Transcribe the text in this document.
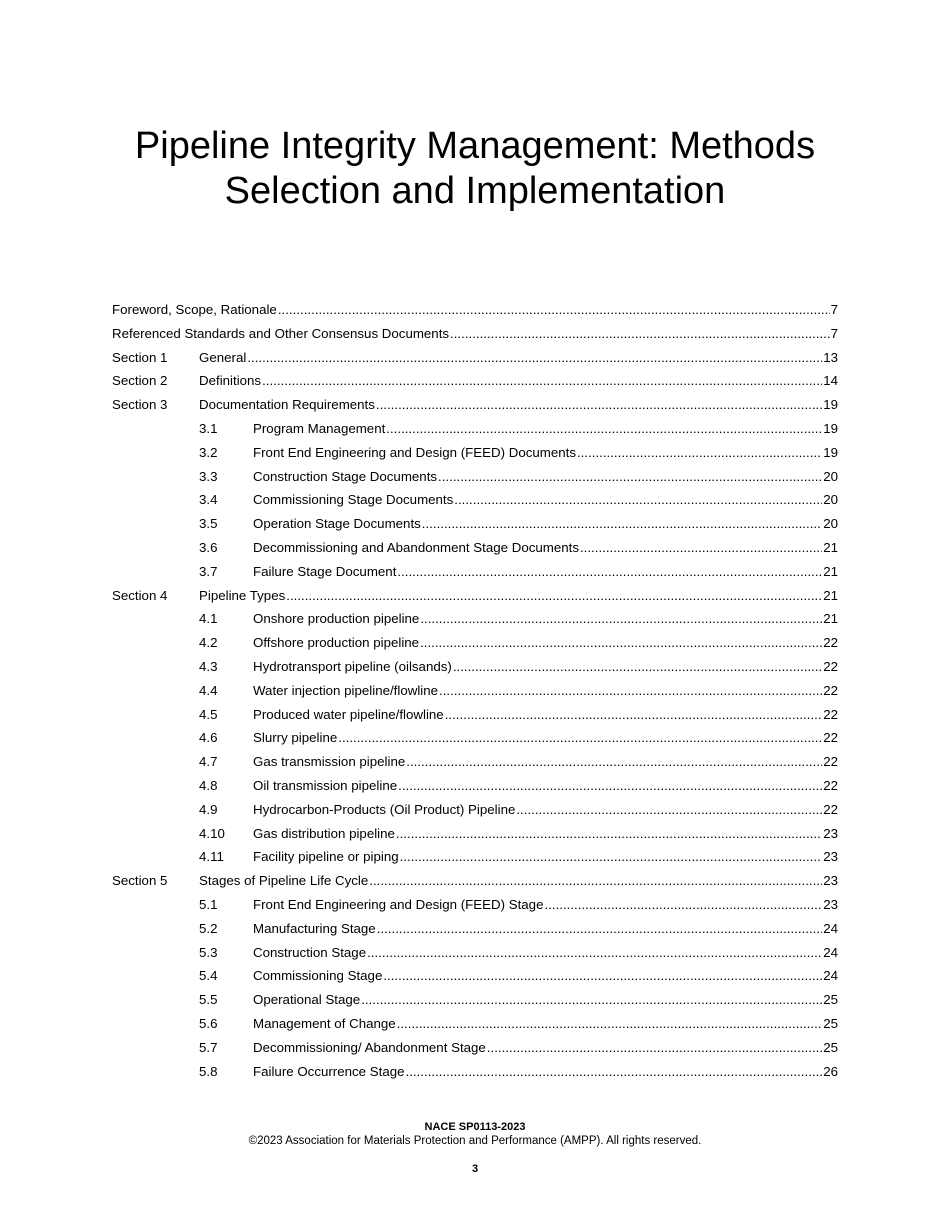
Pipeline Integrity Management: Methods
Selection and Implementation
Foreword, Scope, Rationale .....	7
Referenced Standards and Other Consensus Documents .....	7
Section 1	General .....	13
Section 2	Definitions .....	14
Section 3	Documentation Requirements .....	19
3.1	Program Management .....	19
3.2	Front End Engineering and Design (FEED) Documents .....	19
3.3	Construction Stage Documents .....	20
3.4	Commissioning Stage Documents .....	20
3.5	Operation Stage Documents .....	20
3.6	Decommissioning and Abandonment Stage Documents .....	21
3.7	Failure Stage Document .....	21
Section 4	Pipeline Types .....	21
4.1	Onshore production pipeline .....	21
4.2	Offshore production pipeline .....	22
4.3	Hydrotransport pipeline (oilsands) .....	22
4.4	Water injection pipeline/flowline .....	22
4.5	Produced water pipeline/flowline .....	22
4.6	Slurry pipeline .....	22
4.7	Gas transmission pipeline .....	22
4.8	Oil transmission pipeline .....	22
4.9	Hydrocarbon-Products (Oil Product) Pipeline .....	22
4.10	Gas distribution pipeline .....	23
4.11	Facility pipeline or piping .....	23
Section 5	Stages of Pipeline Life Cycle .....	23
5.1	Front End Engineering and Design (FEED) Stage .....	23
5.2	Manufacturing Stage .....	24
5.3	Construction Stage .....	24
5.4	Commissioning Stage .....	24
5.5	Operational Stage .....	25
5.6	Management of Change .....	25
5.7	Decommissioning/ Abandonment Stage .....	25
5.8	Failure Occurrence Stage .....	26
NACE SP0113-2023
©2023 Association for Materials Protection and Performance (AMPP). All rights reserved.
3
